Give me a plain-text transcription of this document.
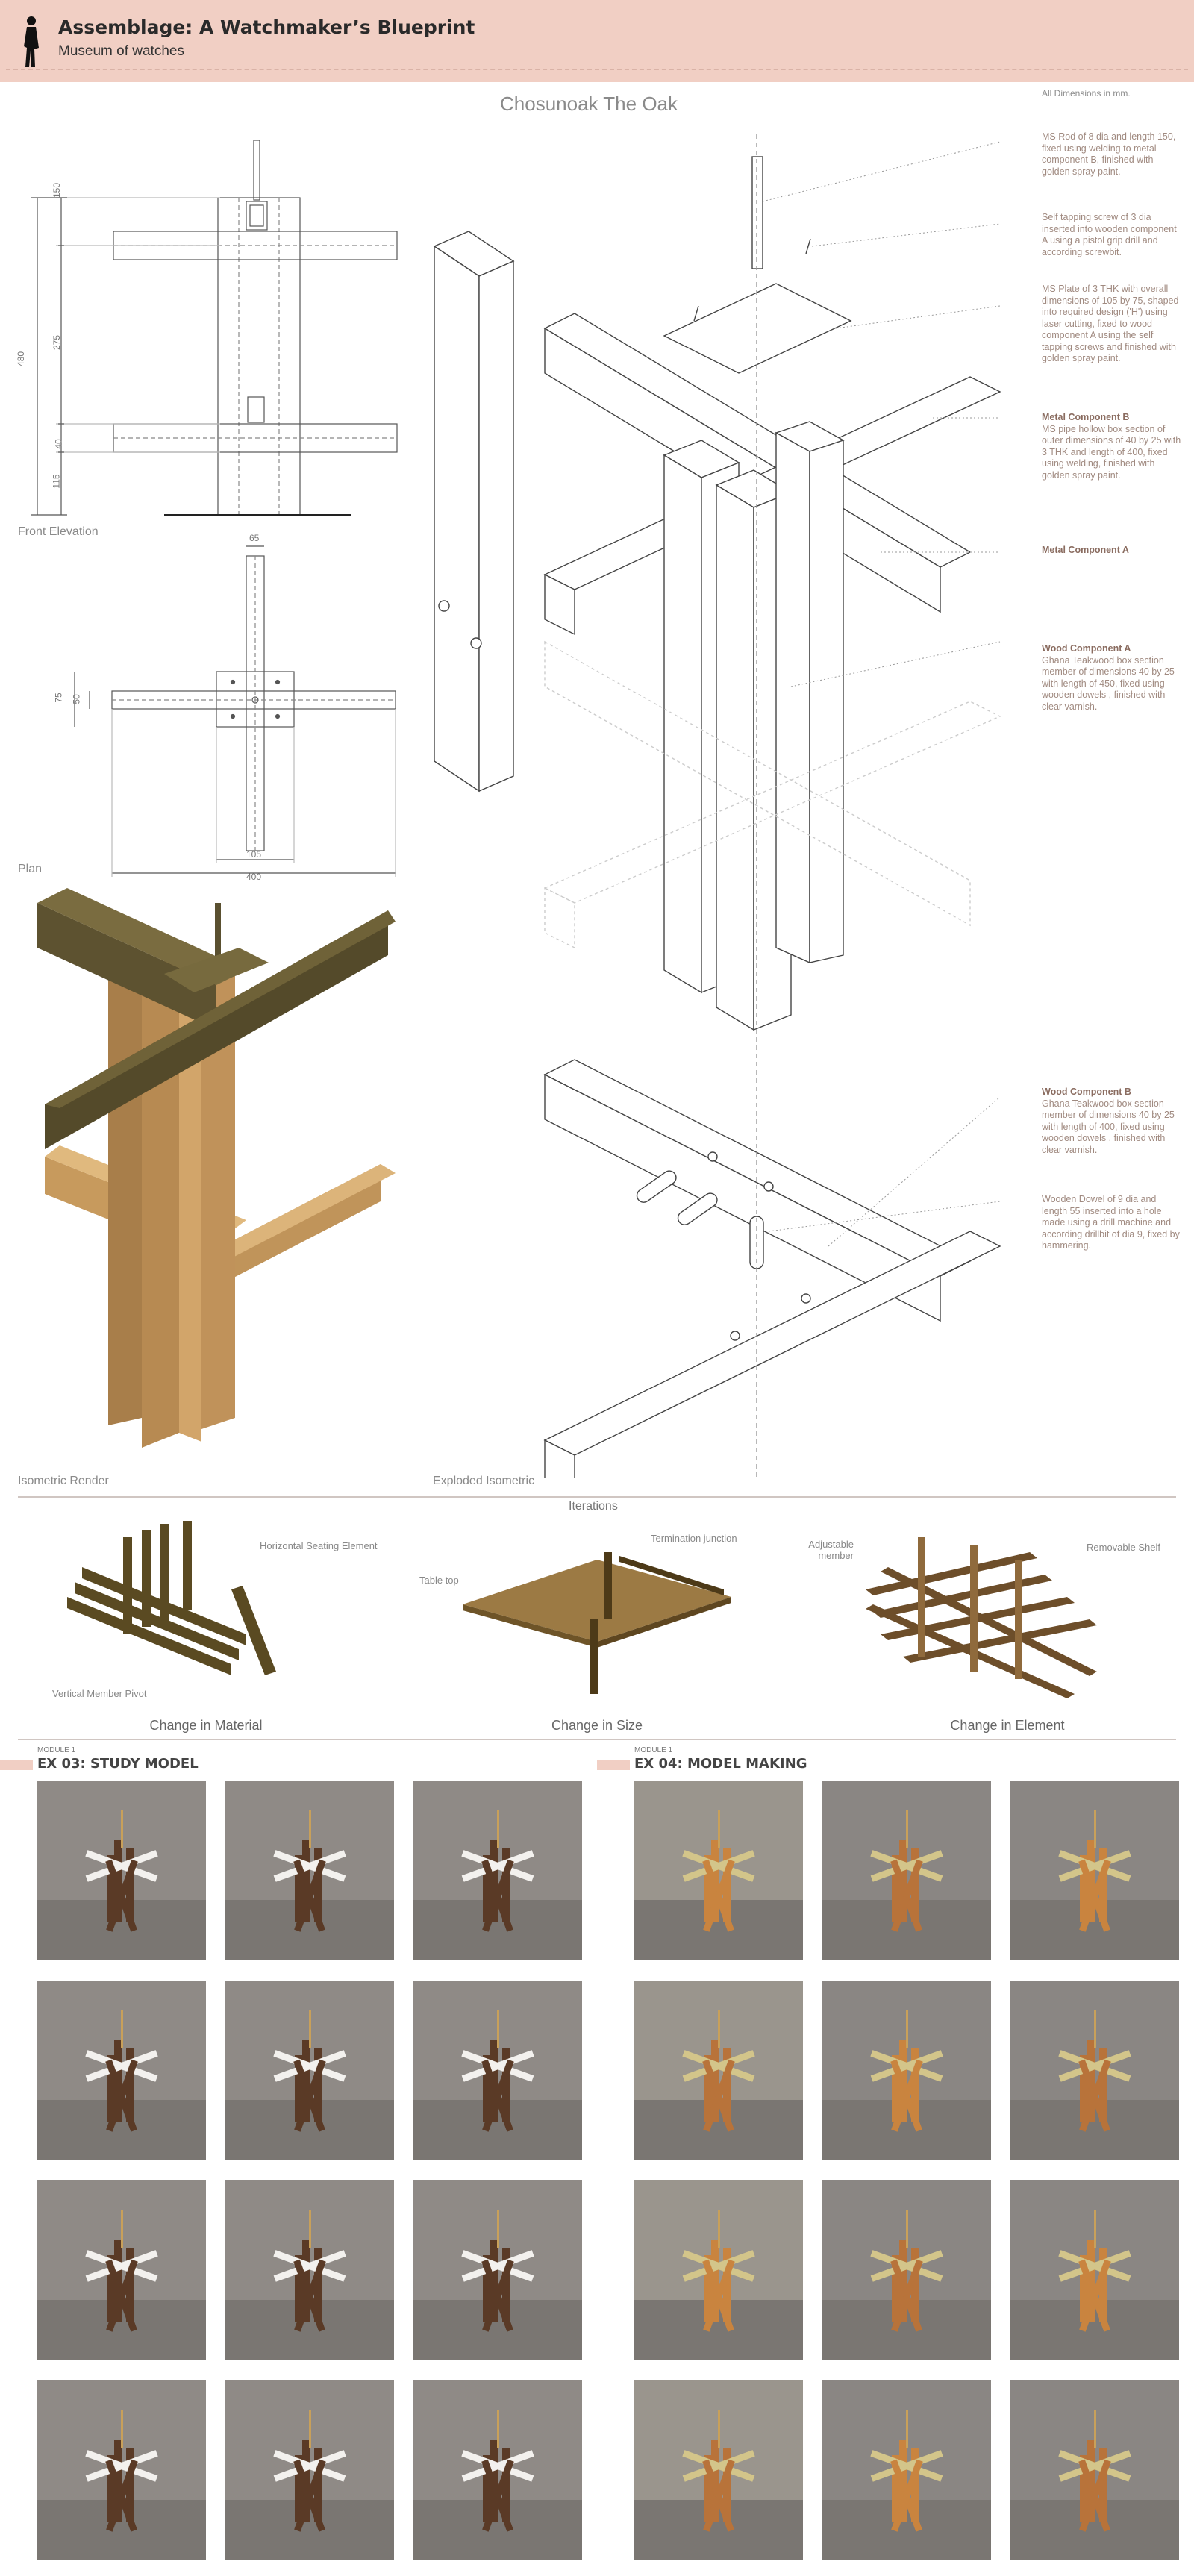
Assemblage: A Watchmaker’s Blueprint
Museum of watches
Chosunoak The Oak	All Dimensions in mm.
150
275
40
115
480
Front Elevation	65
75 50
105
400
Plan
Isometric Render	Exploded Isometric
MS Rod of 8 dia and length 150, fixed using welding to metal component B, finished with golden spray paint.
Self tapping screw of 3 dia inserted into wooden component A using a pistol grip drill and according screwbit.
MS Plate of 3 THK with overall dimensions of 105 by 75, shaped into required design ('H') using laser cutting, fixed to wood component A using the self tapping screws and finished with golden spray paint.
Metal Component B
MS pipe hollow box section of outer dimensions of 40 by 25 with 3 THK and length of 400, fixed using welding, finished with golden spray paint.
Metal Component A
Wood Component A
Ghana Teakwood box section member of dimensions 40 by 25 with length of 450, fixed using wooden dowels , finished with clear varnish.
Wood Component B
Ghana Teakwood box section member of dimensions 40 by 25 with length of 400, fixed using wooden dowels , finished with clear varnish.
Wooden Dowel of 9 dia and length 55 inserted into a hole made using a drill machine and according drillbit of dia 9, fixed by hammering.
Iterations
Horizontal Seating Element
Vertical Member Pivot
Change in Material
Termination junction
Table top
Change in Size
Adjustable member
Removable Shelf
Change in Element
MODULE 1
EX 03: STUDY MODEL
MODULE 1
EX 04: MODEL MAKING
